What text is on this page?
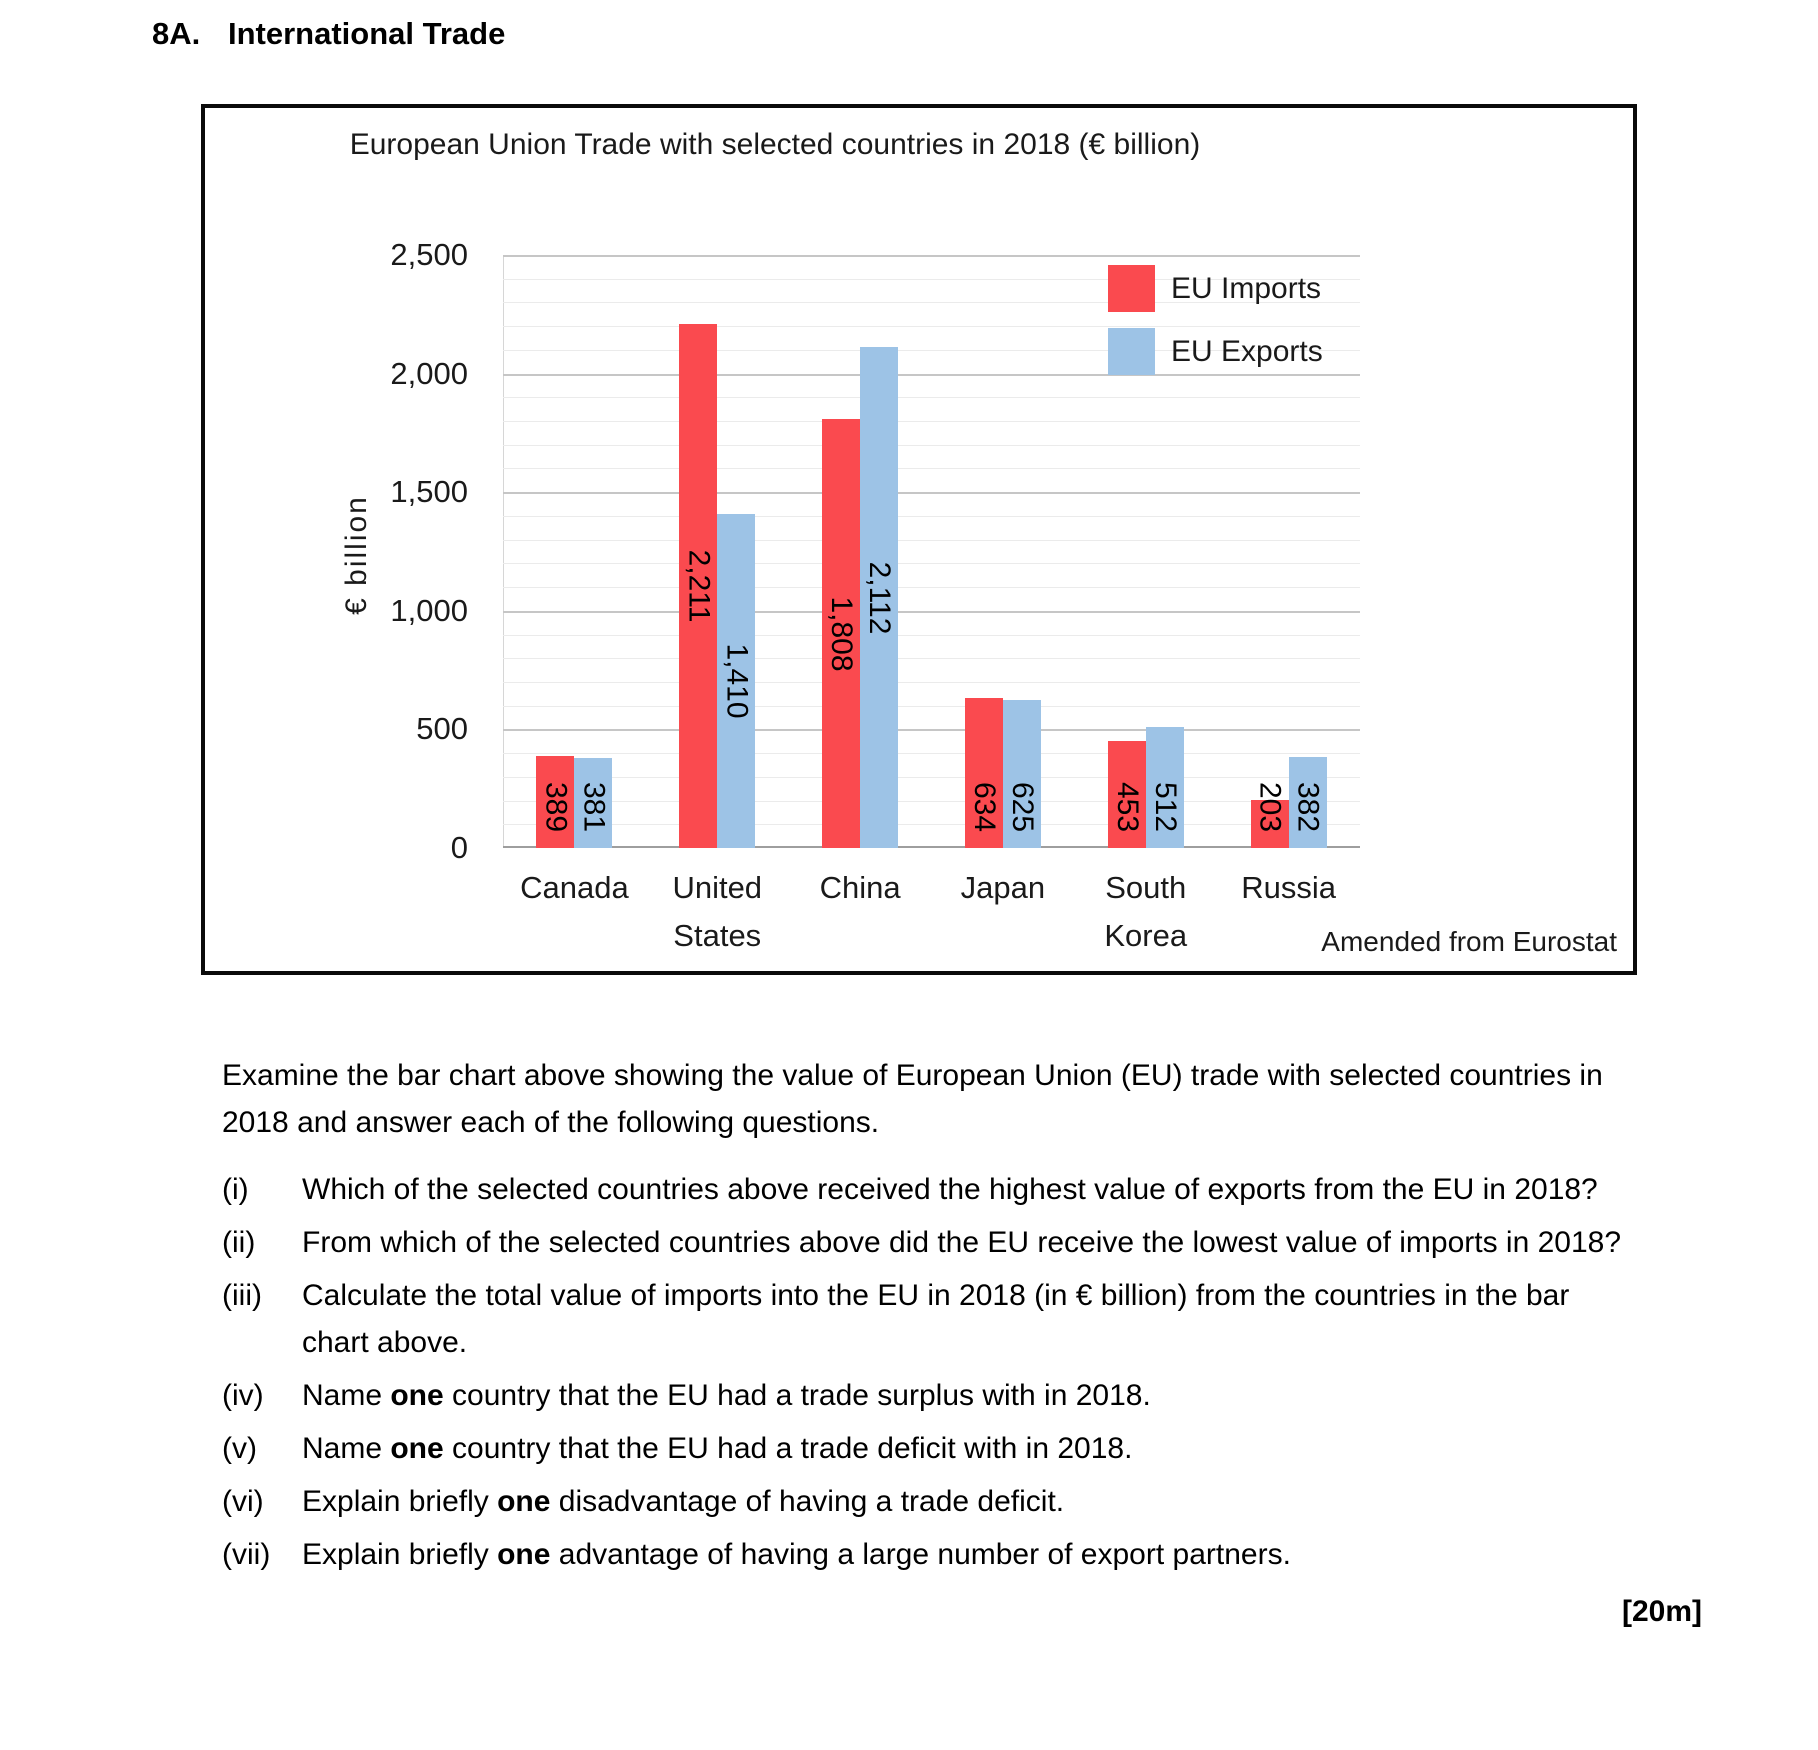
8A. International Trade
European Union Trade with selected countries in 2018 (€ billion)
€ billion
389
2,211
1,808
634	453	203
381
1,410
2,112
625	512	382
EU Imports
EU Exports
0
500
1,000
1,500
2,000
2,500
Canada	United
States
China	Japan	South
Korea
Russia
Amended from Eurostat

Examine the bar chart above showing the value of European Union (EU) trade with selected countries in 2018 and answer each of the following questions.

(i)	Which of the selected countries above received the highest value of exports from the EU in 2018?
(ii)	From which of the selected countries above did the EU receive the lowest value of imports in 2018?
(iii)	Calculate the total value of imports into the EU in 2018 (in € billion) from the countries in the bar chart above.
(iv)	Name one country that the EU had a trade surplus with in 2018.
(v)	Name one country that the EU had a trade deficit with in 2018.
(vi)	Explain briefly one disadvantage of having a trade deficit.
(vii)	Explain briefly one advantage of having a large number of export partners.
[20m]
